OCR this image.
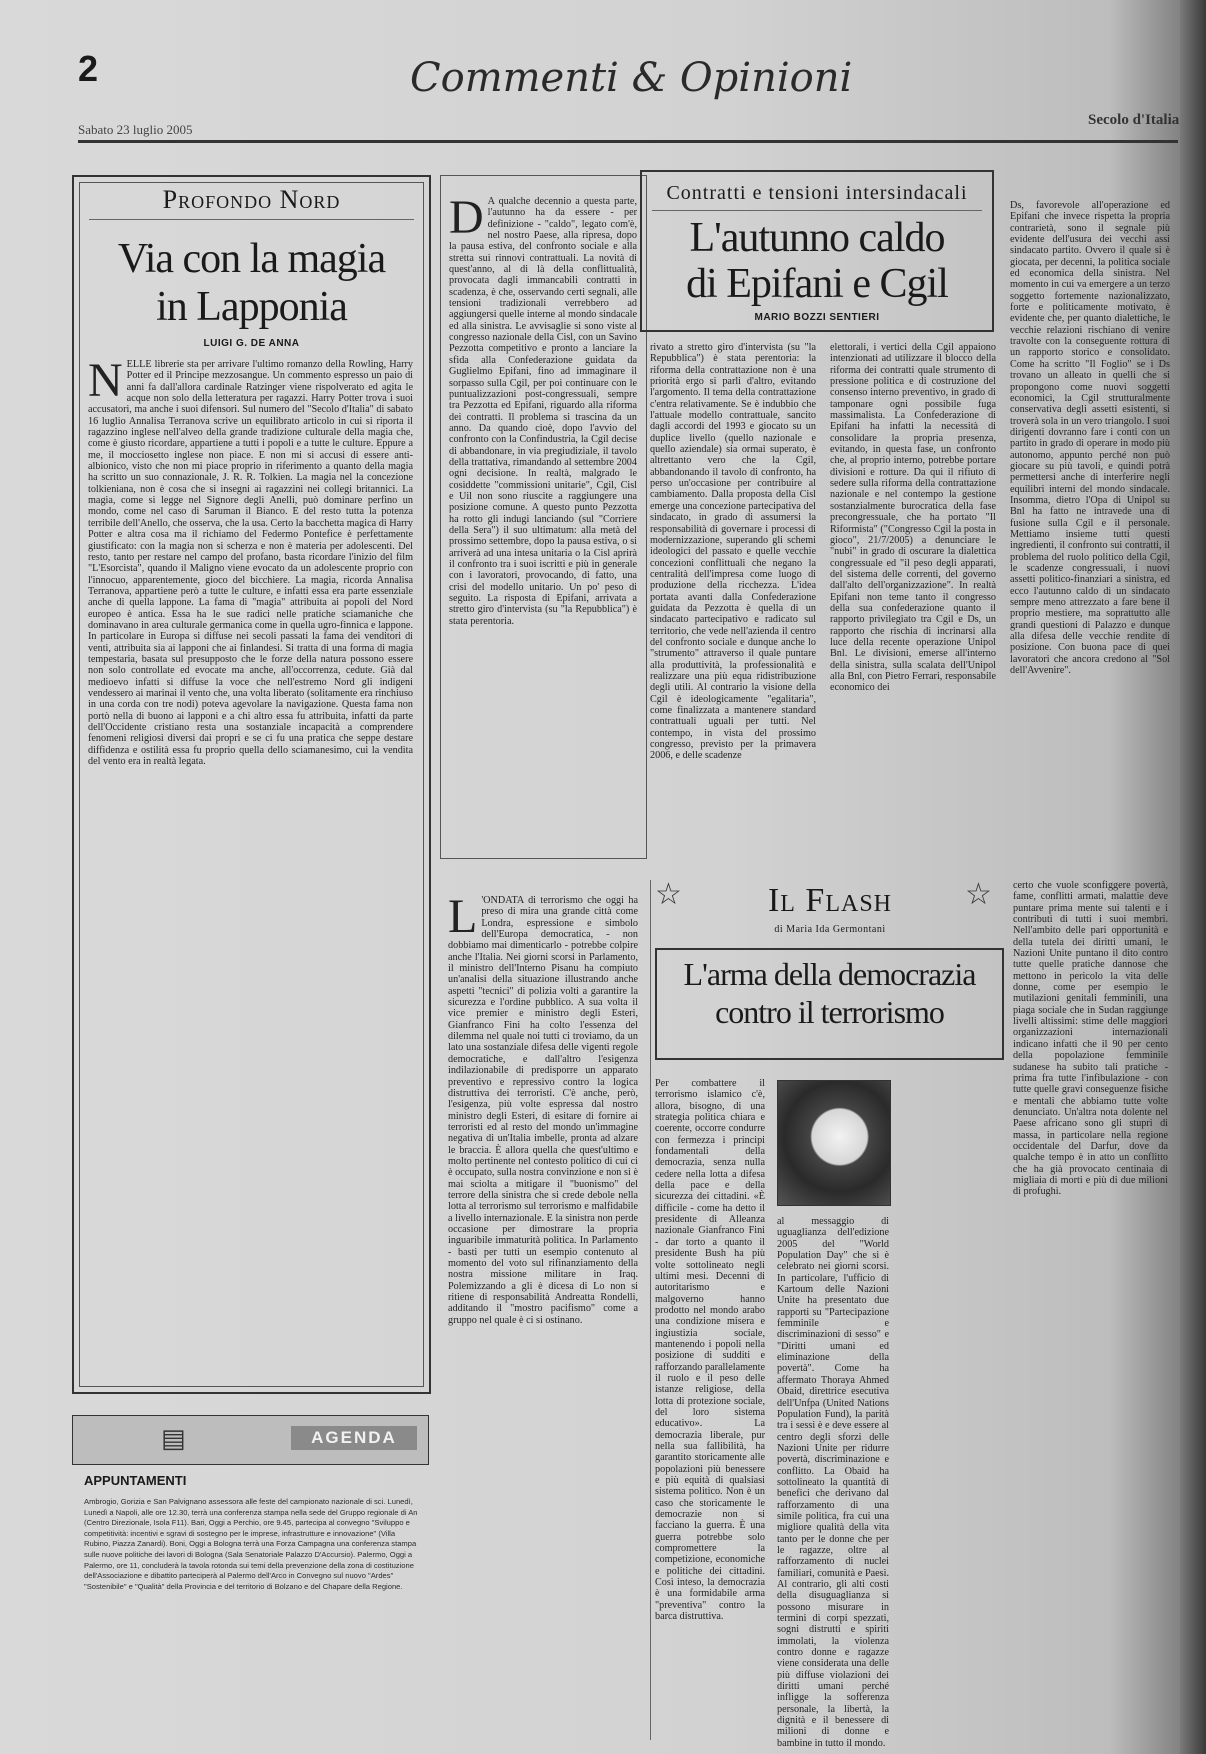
2	Commenti & Opinioni
Sabato 23 luglio 2005
Secolo d'Italia
Profondo Nord
Via con la magia
in Lapponia
LUIGI G. DE ANNA
NELLE librerie sta per arrivare l'ultimo romanzo della Rowling, Harry Potter ed il Principe mezzosangue. Un commento espresso un paio di anni fa dall'allora cardinale Ratzinger viene rispolverato ed agita le acque non solo della letteratura per ragazzi. Harry Potter trova i suoi accusatori, ma anche i suoi difensori. Sul numero del "Secolo d'Italia" di sabato 16 luglio Annalisa Terranova scrive un equilibrato articolo in cui si riporta il ragazzino inglese nell'alveo della grande tradizione culturale della magia che, come è giusto ricordare, appartiene a tutti i popoli e a tutte le culture. Eppure a me, il mocciosetto inglese non piace. E non mi si accusi di essere anti-albionico, visto che non mi piace proprio in riferimento a quanto della magia ha scritto un suo connazionale, J. R. R. Tolkien. La magia nel la concezione tolkieniana, non è cosa che si insegni ai ragazzini nei collegi britannici. La magia, come si legge nel Signore degli Anelli, può dominare perfino un mondo, come nel caso di Saruman il Bianco. E del resto tutta la potenza terribile dell'Anello, che osserva, che la usa. Certo la bacchetta magica di Harry Potter e altra cosa ma il richiamo del Federmo Pontefice è perfettamente giustificato: con la magia non si scherza e non è materia per adolescenti. Del resto, tanto per restare nel campo del profano, basta ricordare l'inizio del film "L'Esorcista", quando il Maligno viene evocato da un adolescente proprio con l'innocuo, apparentemente, gioco del bicchiere. La magia, ricorda Annalisa Terranova, appartiene però a tutte le culture, e infatti essa era parte essenziale anche di quella lappone. La fama di "magia" attribuita ai popoli del Nord europeo è antica. Essa ha le sue radici nelle pratiche sciamaniche che dominavano in area culturale germanica come in quella ugro-finnica e lappone. In particolare in Europa si diffuse nei secoli passati la fama dei venditori di venti, attribuita sia ai lapponi che ai finlandesi. Si tratta di una forma di magia tempestaria, basata sul presupposto che le forze della natura possono essere non solo controllate ed evocate ma anche, all'occorrenza, cedute. Già dal medioevo infatti si diffuse la voce che nell'estremo Nord gli indigeni vendessero ai marinai il vento che, una volta liberato (solitamente era rinchiuso in una corda con tre nodi) poteva agevolare la navigazione. Questa fama non portò nella di buono ai lapponi e a chi altro essa fu attribuita, infatti da parte dell'Occidente cristiano resta una sostanziale incapacità a comprendere fenomeni religiosi diversi dai propri e se ci fu una pratica che seppe destare diffidenza e ostilità essa fu proprio quella dello sciamanesimo, cui la vendita del vento era in realtà legata.
D A qualche decennio a questa parte, l'autunno ha da essere - per definizione - "caldo", legato com'è, nel nostro Paese, alla ripresa, dopo la pausa estiva, del confronto sociale e alla stretta sui rinnovi contrattuali. La novità di quest'anno, al di là della conflittualità, provocata dagli immancabili contratti in scadenza, è che, osservando certi segnali, alle tensioni tradizionali verrebbero ad aggiungersi quelle interne al mondo sindacale ed alla sinistra. Le avvisaglie si sono viste al congresso nazionale della Cisl, con un Savino Pezzotta competitivo e pronto a lanciare la sfida alla Confederazione guidata da Guglielmo Epifani, fino ad immaginare il sorpasso sulla Cgil, per poi continuare con le puntualizzazioni post-congressuali, sempre tra Pezzotta ed Epifani, riguardo alla riforma dei contratti. Il problema si trascina da un anno. Da quando cioè, dopo l'avvio del confronto con la Confindustria, la Cgil decise di abbandonare, in via pregiudiziale, il tavolo della trattativa, rimandando al settembre 2004 ogni decisione. In realtà, malgrado le cosiddette "commissioni unitarie", Cgil, Cisl e Uil non sono riuscite a raggiungere una posizione comune. A questo punto Pezzotta ha rotto gli indugi lanciando (sul "Corriere della Sera") il suo ultimatum: alla metà del prossimo settembre, dopo la pausa estiva, o si arriverà ad una intesa unitaria o la Cisl aprirà il confronto tra i suoi iscritti e più in generale con i lavoratori, provocando, di fatto, una crisi del modello unitario. Un po' peso di seguito. La risposta di Epifani, arrivata a stretto giro d'intervista (su "la Repubblica") è stata perentoria.
Contratti e tensioni intersindacali
L'autunno caldo
di Epifani e Cgil
MARIO BOZZI SENTIERI
rivato a stretto giro d'intervista (su "la Repubblica") è stata perentoria: la riforma della contrattazione non è una priorità ergo si parli d'altro, evitando l'argomento. Il tema della contrattazione c'entra relativamente. Se è indubbio che l'attuale modello contrattuale, sancito dagli accordi del 1993 e giocato su un duplice livello (quello nazionale e quello aziendale) sia ormai superato, è altrettanto vero che la Cgil, abbandonando il tavolo di confronto, ha perso un'occasione per contribuire al cambiamento. Dalla proposta della Cisl emerge una concezione partecipativa del sindacato, in grado di assumersi la responsabilità di governare i processi di modernizzazione, superando gli schemi ideologici del passato e quelle vecchie concezioni conflittuali che negano la centralità dell'impresa come luogo di produzione della ricchezza. L'idea portata avanti dalla Confederazione guidata da Pezzotta è quella di un sindacato partecipativo e radicato sul territorio, che vede nell'azienda il centro del confronto sociale e dunque anche lo "strumento" attraverso il quale puntare alla produttività, la professionalità e realizzare una più equa ridistribuzione degli utili. Al contrario la visione della Cgil è ideologicamente "egalitaria", come finalizzata a mantenere standard contrattuali uguali per tutti. Nel contempo, in vista del prossimo congresso, previsto per la primavera 2006, e delle scadenze
elettorali, i vertici della Cgil appaiono intenzionati ad utilizzare il blocco della riforma dei contratti quale strumento di pressione politica e di costruzione del consenso interno preventivo, in grado di tamponare ogni possibile fuga massimalista. La Confederazione di Epifani ha infatti la necessità di consolidare la propria presenza, evitando, in questa fase, un confronto che, al proprio interno, potrebbe portare divisioni e rotture. Da qui il rifiuto di sedere sulla riforma della contrattazione nazionale e nel contempo la gestione sostanzialmente burocratica della fase precongressuale, che ha portato "Il Riformista" ("Congresso Cgil la posta in gioco", 21/7/2005) a denunciare le "nubi" in grado di oscurare la dialettica congressuale ed "il peso degli apparati, del sistema delle correnti, del governo dall'alto dell'organizzazione". In realtà Epifani non teme tanto il congresso della sua confederazione quanto il rapporto privilegiato tra Cgil e Ds, un rapporto che rischia di incrinarsi alla luce della recente operazione Unipol Bnl. Le divisioni, emerse all'interno della sinistra, sulla scalata dell'Unipol alla Bnl, con Pietro Ferrari, responsabile economico dei
Ds, favorevole all'operazione ed Epifani che invece rispetta la propria contrarietà, sono il segnale più evidente dell'usura dei vecchi assi sindacato partito. Ovvero il quale si è giocata, per decenni, la politica sociale ed economica della sinistra. Nel momento in cui va emergere a un terzo soggetto fortemente nazionalizzato, forte e politicamente motivato, è evidente che, per quanto dialettiche, le vecchie relazioni rischiano di venire travolte con la conseguente rottura di un rapporto storico e consolidato. Come ha scritto "Il Foglio" se i Ds trovano un alleato in quelli che si propongono come nuovi soggetti economici, la Cgil strutturalmente conservativa degli assetti esistenti, si troverà sola in un vero triangolo. I suoi dirigenti dovranno fare i conti con un partito in grado di operare in modo più autonomo, appunto perché non può giocare su più tavoli, e quindi potrà permettersi anche di interferire negli equilibri interni del mondo sindacale. Insomma, dietro l'Opa di Unipol su Bnl ha fatto ne intravede una di fusione sulla Cgil e il personale. Mettiamo insieme tutti questi ingredienti, il confronto sui contratti, il problema del ruolo politico della Cgil, le scadenze congressuali, i nuovi assetti politico-finanziari a sinistra, ed ecco l'autunno caldo di un sindacato sempre meno attrezzato a fare bene il proprio mestiere, ma soprattutto alle grandi questioni di Palazzo e dunque alla difesa delle vecchie rendite di posizione. Con buona pace di quei lavoratori che ancora credono al "Sol dell'Avvenire".
L 'ONDATA di terrorismo che oggi ha preso di mira una grande città come Londra, espressione e simbolo dell'Europa democratica, - non dobbiamo mai dimenticarlo - potrebbe colpire anche l'Italia. Nei giorni scorsi in Parlamento, il ministro dell'Interno Pisanu ha compiuto un'analisi della situazione illustrando anche aspetti "tecnici" di polizia volti a garantire la sicurezza e l'ordine pubblico. A sua volta il vice premier e ministro degli Esteri, Gianfranco Fini ha colto l'essenza del dilemma nel quale noi tutti ci troviamo, da un lato una sostanziale difesa delle vigenti regole democratiche, e dall'altro l'esigenza indilazionabile di predisporre un apparato preventivo e repressivo contro la logica distruttiva dei terroristi. C'è anche, però, l'esigenza, più volte espressa dal nostro ministro degli Esteri, di esitare di fornire ai terroristi ed al resto del mondo un'immagine negativa di un'Italia imbelle, pronta ad alzare le braccia. È allora quella che quest'ultimo e molto pertinente nel contesto politico di cui ci è occupato, sulla nostra convinzione e non si è mai sciolta a mitigare il "buonismo" del terrore della sinistra che si crede debole nella lotta al terrorismo sul terrorismo e malfidabile a livello internazionale. E la sinistra non perde occasione per dimostrare la propria inguaribile immaturità politica. In Parlamento - basti per tutti un esempio contenuto al momento del voto sul rifinanziamento della nostra missione militare in Iraq. Polemizzando a gli è dicesa di Lo non si ritiene di responsabilità Andreatta Rondelli, additando il "mostro pacifismo" come a gruppo nel quale è ci si ostinano.
☆	☆
Il Flash
di Maria Ida Germontani
L'arma della democrazia
contro il terrorismo
Per combattere il terrorismo islamico c'è, allora, bisogno, di una strategia politica chiara e coerente, occorre condurre con fermezza i principi fondamentali della democrazia, senza nulla cedere nella lotta a difesa della pace e della sicurezza dei cittadini. «È difficile - come ha detto il presidente di Alleanza nazionale Gianfranco Fini - dar torto a quanto il presidente Bush ha più volte sottolineato negli ultimi mesi. Decenni di autoritarismo e malgoverno hanno prodotto nel mondo arabo una condizione misera e ingiustizia sociale, mantenendo i popoli nella posizione di sudditi e rafforzando parallelamente il ruolo e il peso delle istanze religiose, della lotta di protezione sociale, del loro sistema educativo». La democrazia liberale, pur nella sua fallibilità, ha garantito storicamente alle popolazioni più benessere e più equità di qualsiasi sistema politico. Non è un caso che storicamente le democrazie non si facciano la guerra. È una guerra potrebbe solo compromettere la competizione, economiche e politiche dei cittadini. Così inteso, la democrazia è una formidabile arma "preventiva" contro la barca distruttiva.
al messaggio di uguaglianza dell'edizione 2005 del "World Population Day" che si è celebrato nei giorni scorsi. In particolare, l'ufficio di Kartoum delle Nazioni Unite ha presentato due rapporti su "Partecipazione femminile e discriminazioni di sesso" e "Diritti umani ed eliminazione della povertà". Come ha affermato Thoraya Ahmed Obaid, direttrice esecutiva dell'Unfpa (United Nations Population Fund), la parità tra i sessi è e deve essere al centro degli sforzi delle Nazioni Unite per ridurre povertà, discriminazione e conflitto. La Obaid ha sottolineato la quantità di benefici che derivano dal rafforzamento di una simile politica, fra cui una migliore qualità della vita tanto per le donne che per le ragazze, oltre al rafforzamento di nuclei familiari, comunità e Paesi. Al contrario, gli alti costi della disuguaglianza si possono misurare in termini di corpi spezzati, sogni distrutti e spiriti immolati, la violenza contro donne e ragazze viene considerata una delle più diffuse violazioni dei diritti umani perché infligge la sofferenza personale, la libertà, la dignità e il benessere di milioni di donne e bambine in tutto il mondo.
certo che vuole sconfiggere povertà, fame, conflitti armati, malattie deve puntare prima mente sui talenti e i contributi di tutti i suoi membri. Nell'ambito delle pari opportunità e della tutela dei diritti umani, le Nazioni Unite puntano il dito contro tutte quelle pratiche dannose che mettono in pericolo la vita delle donne, come per esempio le mutilazioni genitali femminili, una piaga sociale che in Sudan raggiunge livelli altissimi: stime delle maggiori organizzazioni internazionali indicano infatti che il 90 per cento della popolazione femminile sudanese ha subito tali pratiche - prima fra tutte l'infibulazione - con tutte quelle gravi conseguenze fisiche e mentali che abbiamo tutte volte denunciato. Un'altra nota dolente nel Paese africano sono gli stupri di massa, in particolare nella regione occidentale del Darfur, dove da qualche tempo è in atto un conflitto che ha già provocato centinaia di migliaia di morti e più di due milioni di profughi.
▤	AGENDA
APPUNTAMENTI
Ambrogio, Gorizia e San Palvignano assessora alle feste del campionato nazionale di sci. Lunedì, Lunedì a Napoli, alle ore 12.30, terrà una conferenza stampa nella sede del Gruppo regionale di An (Centro Direzionale, Isola F11). Bari, Oggi a Perchio, ore 9.45, partecipa al convegno "Sviluppo e competitività: incentivi e sgravi di sostegno per le imprese, infrastrutture e innovazione" (Villa Rubino, Piazza Zanardi). Boni, Oggi a Bologna terrà una Forza Campagna una conferenza stampa sulle nuove politiche dei lavori di Bologna (Sala Senatoriale Palazzo D'Accursio). Palermo, Oggi a Palermo, ore 11, concluderà la tavola rotonda sui temi della prevenzione della zona di costituzione dell'Associazione e dibattito parteciperà al Palermo dell'Arco in Convegno sul nuovo "Ardes" "Sostenibile" e "Qualità" della Provincia e del territorio di Bolzano e del Chapare della Regione.
